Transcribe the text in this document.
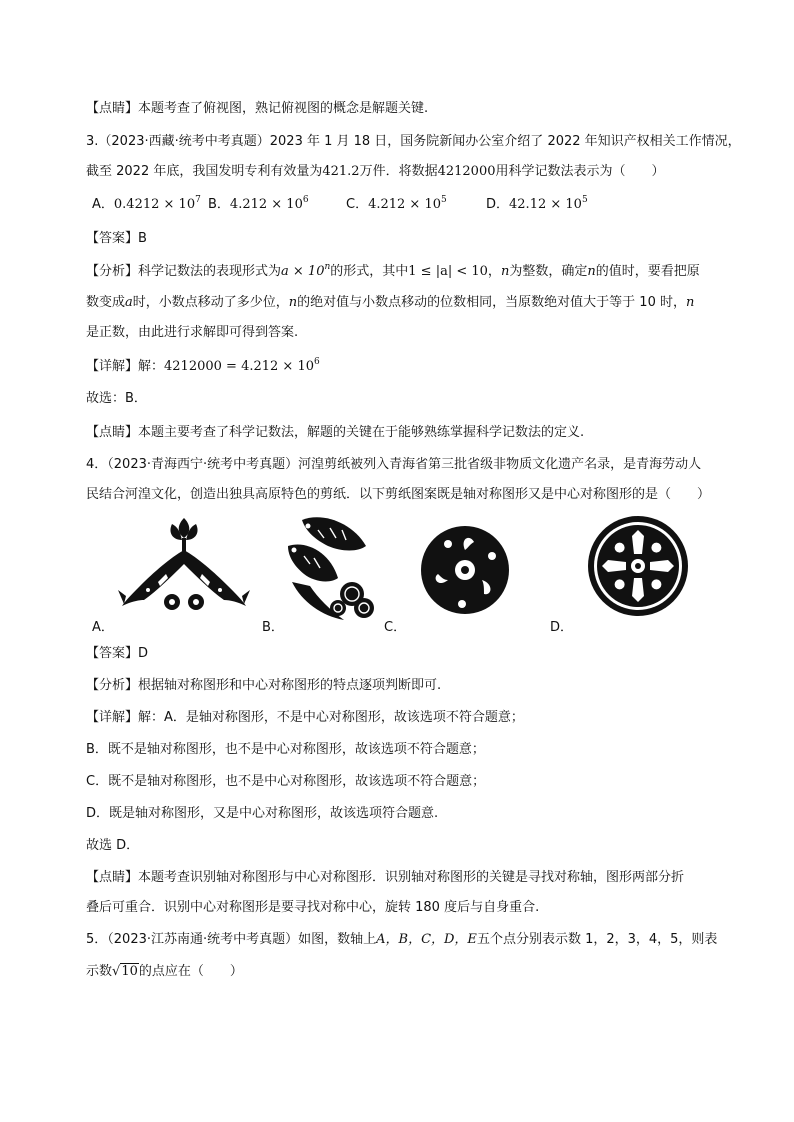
【点睛】本题考查了俯视图，熟记俯视图的概念是解题关键.
3.（2023·西藏·统考中考真题）2023 年 1 月 18 日，国务院新闻办公室介绍了 2022 年知识产权相关工作情况，
截至 2022 年底，我国发明专利有效量为421.2万件．将数据4212000用科学记数法表示为（　　）
A．$0.4212 \times 10^7$ B．$4.212 \times 10^6$	C．$4.212 \times 10^5$	D．$42.12 \times 10^5$
【答案】B
【分析】科学记数法的表现形式为$a \times 10^n$的形式，其中1 ≤ |a| < 10，n为整数，确定n的值时，要看把原
数变成a时，小数点移动了多少位，n的绝对值与小数点移动的位数相同，当原数绝对值大于等于 10 时，n
是正数，由此进行求解即可得到答案.
【详解】解：$4212000 = 4.212 \times 10^6$
故选：B．
【点睛】本题主要考查了科学记数法，解题的关键在于能够熟练掌握科学记数法的定义.
4．（2023·青海西宁·统考中考真题）河湟剪纸被列入青海省第三批省级非物质文化遗产名录，是青海劳动人
民结合河湟文化，创造出独具高原特色的剪纸．以下剪纸图案既是轴对称图形又是中心对称图形的是（　　）
A．	B．	C．	D．
【答案】D
【分析】根据轴对称图形和中心对称图形的特点逐项判断即可.
【详解】解：A．是轴对称图形，不是中心对称图形，故该选项不符合题意；
B．既不是轴对称图形，也不是中心对称图形，故该选项不符合题意；
C．既不是轴对称图形，也不是中心对称图形，故该选项不符合题意；
D．既是轴对称图形，又是中心对称图形，故该选项符合题意.
故选 D．
【点睛】本题考查识别轴对称图形与中心对称图形．识别轴对称图形的关键是寻找对称轴，图形两部分折
叠后可重合．识别中心对称图形是要寻找对称中心，旋转 180 度后与自身重合.
5．（2023·江苏南通·统考中考真题）如图，数轴上A，B，C，D，E五个点分别表示数 1，2，3，4，5，则表
示数√10的点应在（　　）
